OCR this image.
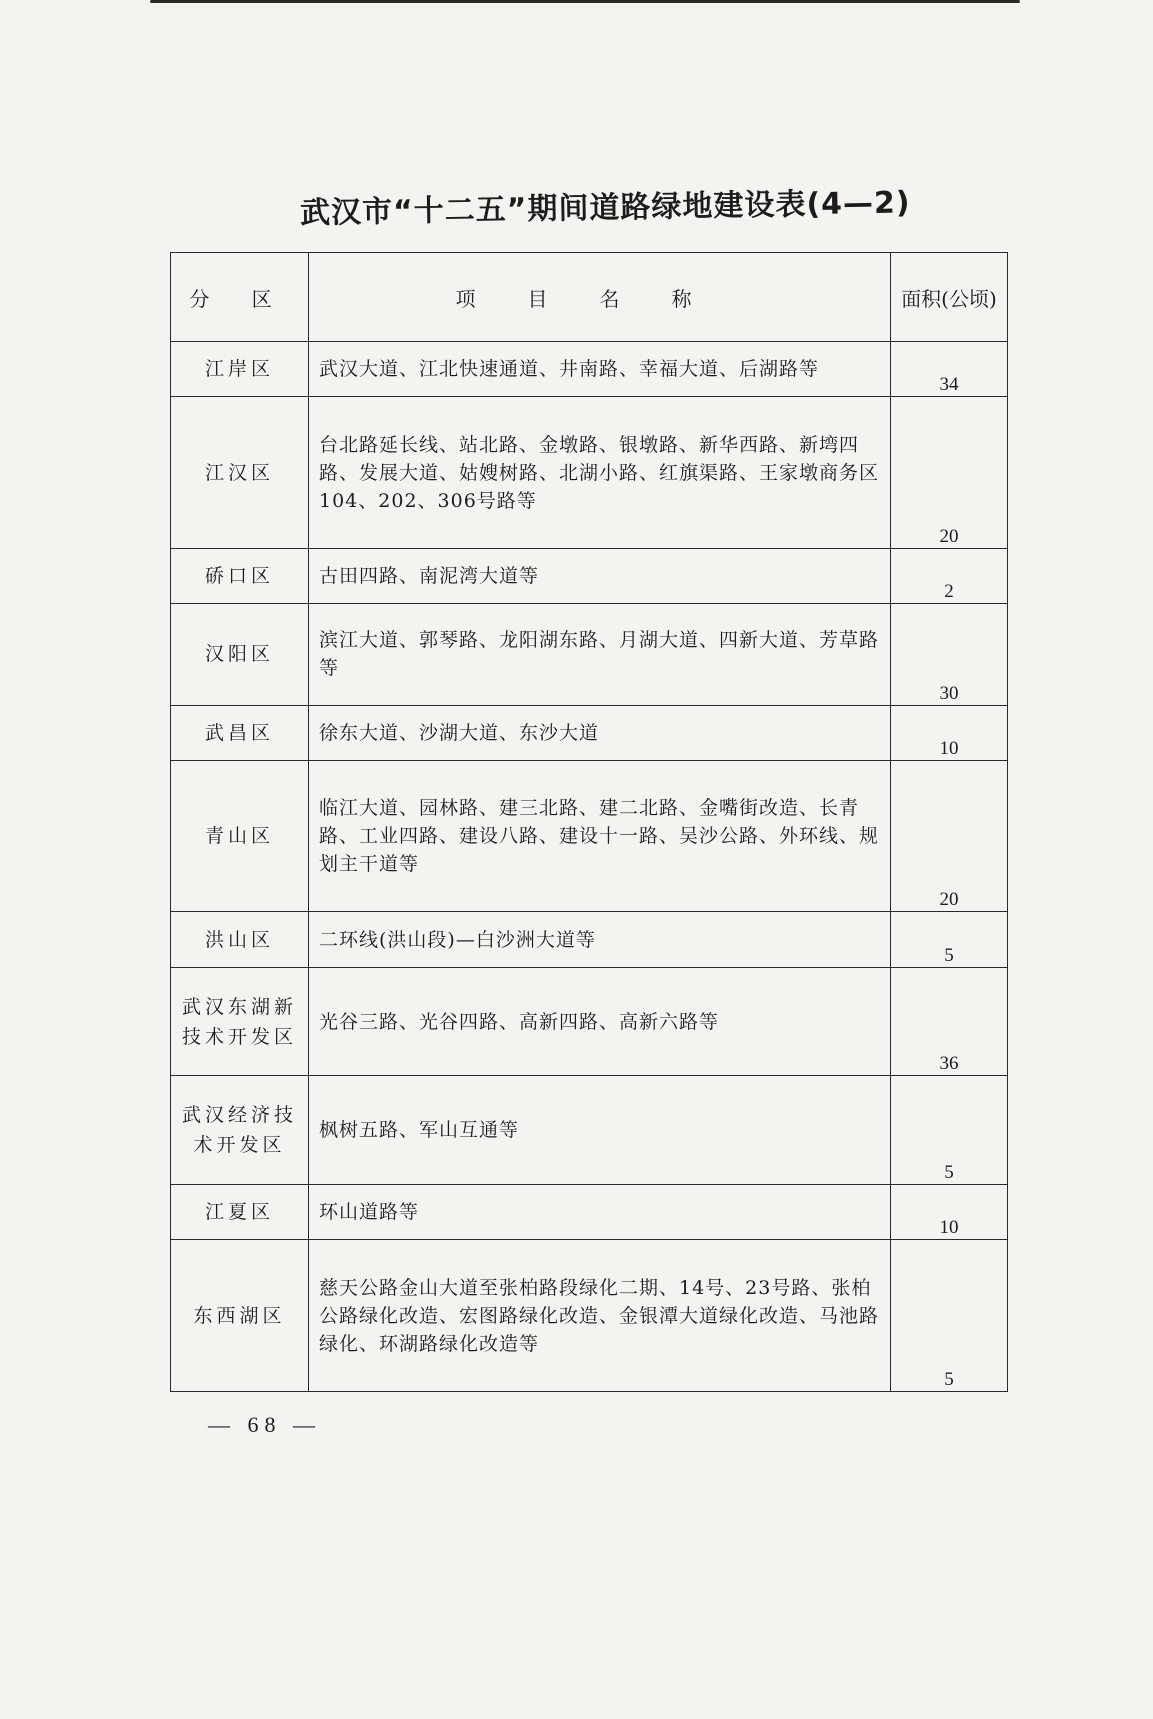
武汉市“十二五”期间道路绿地建设表(4—2)
分 区	项目名称	面积(公顷)
江岸区	武汉大道、江北快速通道、井南路、幸福大道、后湖路等	34
江汉区	台北路延长线、站北路、金墩路、银墩路、新华西路、新塆四路、发展大道、姑嫂树路、北湖小路、红旗渠路、王家墩商务区104、202、306号路等	20
硚口区	古田四路、南泥湾大道等	2
汉阳区	滨江大道、郭琴路、龙阳湖东路、月湖大道、四新大道、芳草路等	30
武昌区	徐东大道、沙湖大道、东沙大道	10
青山区	临江大道、园林路、建三北路、建二北路、金嘴街改造、长青路、工业四路、建设八路、建设十一路、吴沙公路、外环线、规划主干道等	20
洪山区	二环线(洪山段)—白沙洲大道等	5
武汉东湖新技术开发区	光谷三路、光谷四路、高新四路、高新六路等	36
武汉经济技术开发区	枫树五路、军山互通等	5
江夏区	环山道路等	10
东西湖区	慈天公路金山大道至张柏路段绿化二期、14号、23号路、张柏公路绿化改造、宏图路绿化改造、金银潭大道绿化改造、马池路绿化、环湖路绿化改造等	5
— 68 —
